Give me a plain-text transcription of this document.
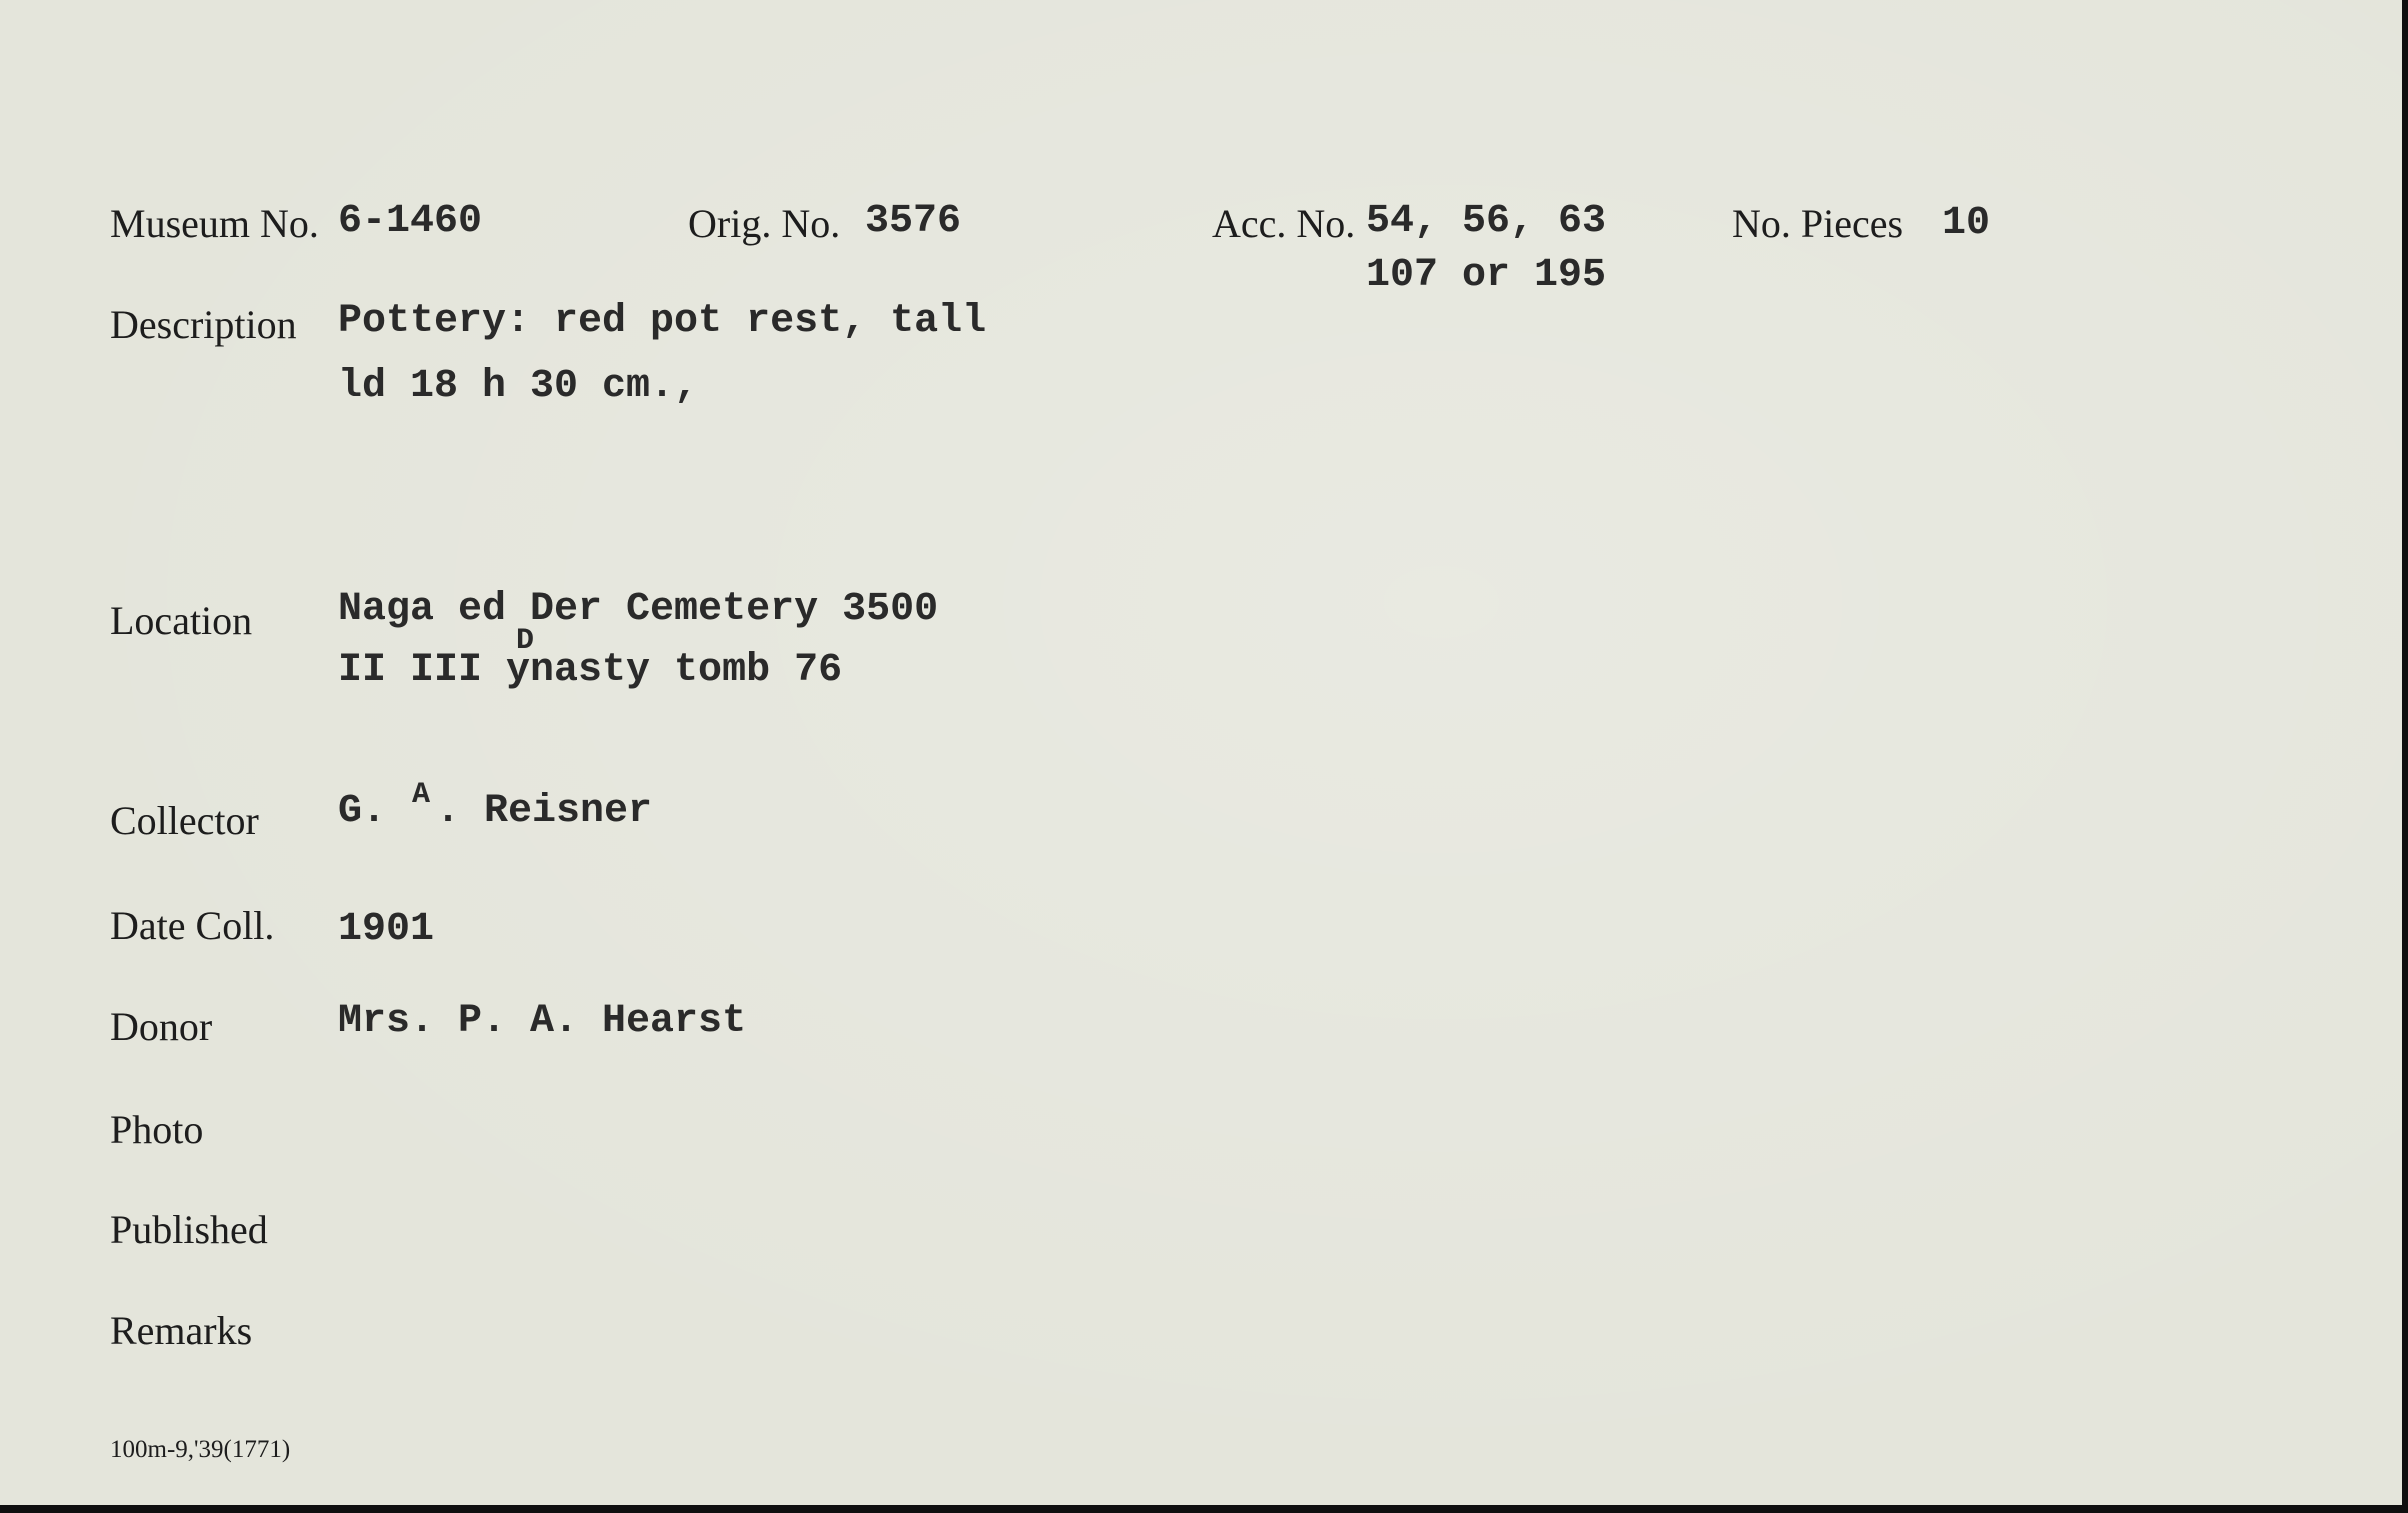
Museum No. 6-1460	Orig. No. 3576	Acc. No. 54, 56, 63
107 or 195
No. Pieces 10
Description Pottery: red pot rest, tall
ld 18 h 30 cm.,
Location Naga ed Der Cemetery 3500
D
II III ynasty tomb 76
Collector G. A . Reisner
Date Coll. 1901
Donor	Mrs. P. A. Hearst
Photo
Published
Remarks
100m-9,'39(1771)
